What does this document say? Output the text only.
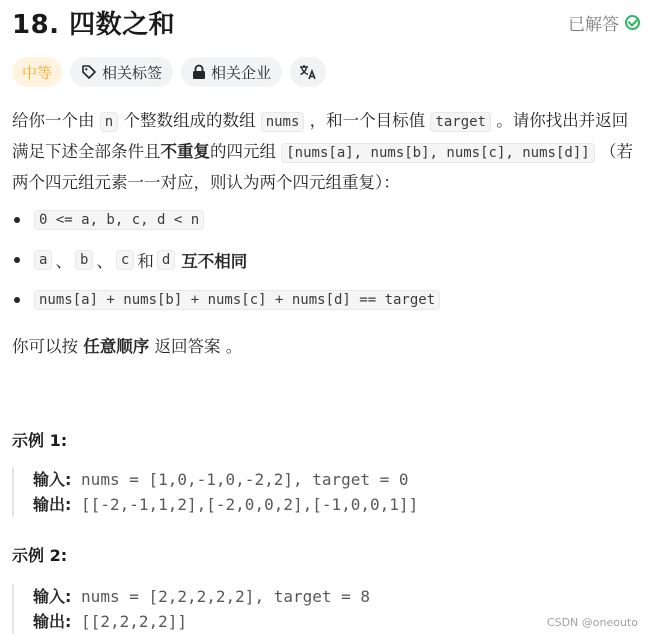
18. 四数之和	已解答
中等	相关标签	相关企业
给你一个由 n 个整数组成的数组 nums ，和一个目标值 target 。请你找出并返回满足下述全部条件且不重复的四元组 [nums[a], nums[b], nums[c], nums[d]] （若两个四元组元素一一对应，则认为两个四元组重复）：
0 <= a, b, c, d < n
a 、 b 、 c 和 d 互不相同
nums[a] + nums[b] + nums[c] + nums[d] == target
你可以按 任意顺序 返回答案 。
示例 1:
输入: nums = [1,0,-1,0,-2,2], target = 0
输出: [[-2,-1,1,2],[-2,0,0,2],[-1,0,0,1]]
示例 2:
输入: nums = [2,2,2,2,2], target = 8
输出: [[2,2,2,2]]	CSDN @oneouto
